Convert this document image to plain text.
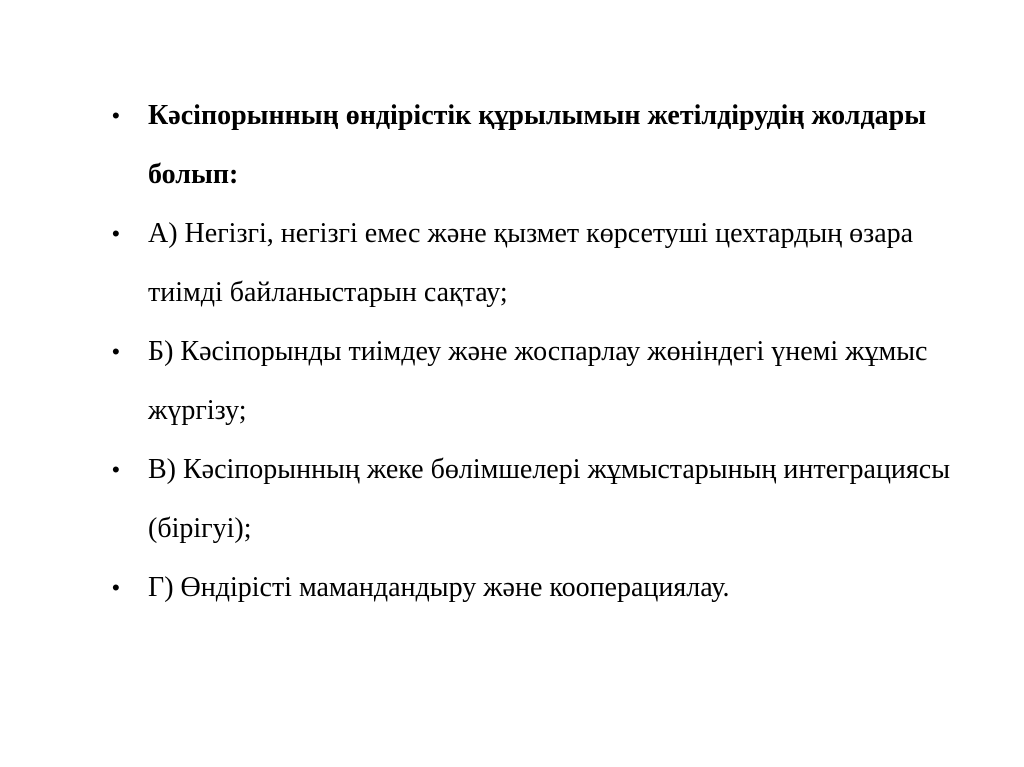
• Кәсіпорынның өндірістік құрылымын жетілдірудің жолдары болып:
• А) Негізгі, негізгі емес және қызмет көрсетуші цехтардың өзара тиімді байланыстарын сақтау;
• Б) Кәсіпорынды тиімдеу және жоспарлау жөніндегі үнемі жұмыс жүргізу;
• В) Кәсіпорынның жеке бөлімшелері жұмыстарының интеграциясы (бірігуі);
• Г) Өндірісті мамандандыру және кооперациялау.
